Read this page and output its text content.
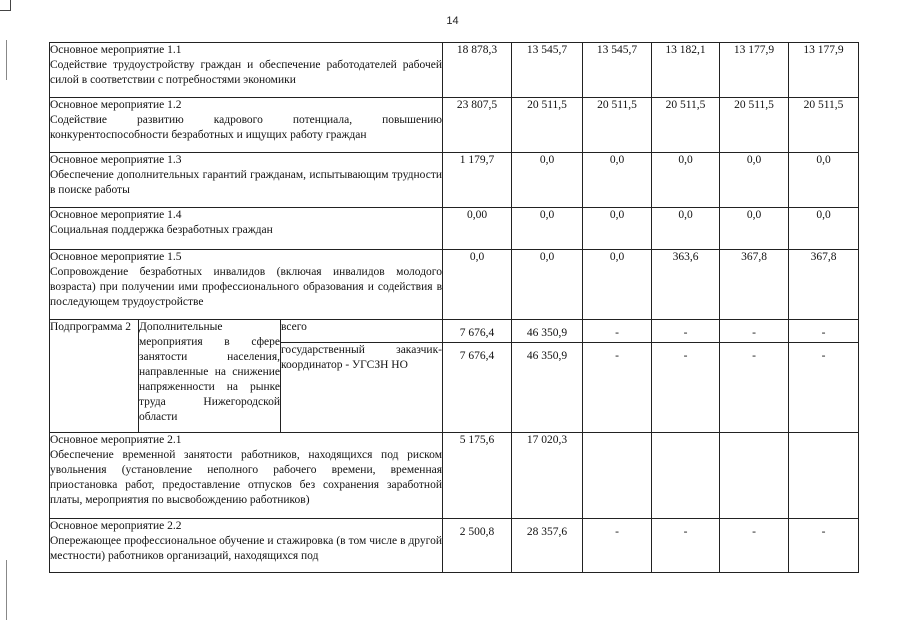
14
Основное мероприятие 1.1
Содействие трудоустройству граждан и обеспечение работодателей рабочей силой в соответствии с потребностями экономики			18 878,3	13 545,7	13 545,7	13 182,1	13 177,9	13 177,9

Основное мероприятие 1.2
Содействие развитию кадрового потенциала, повышению конкурентоспособности безработных и ищущих работу граждан			23 807,5	20 511,5	20 511,5	20 511,5	20 511,5	20 511,5

Основное мероприятие 1.3
Обеспечение дополнительных гарантий гражданам, испытывающим трудности в поиске работы			1 179,7	0,0	0,0	0,0	0,0	0,0

Основное мероприятие 1.4
Социальная поддержка безработных граждан			0,00	0,0	0,0	0,0	0,0	0,0

Основное мероприятие 1.5
Сопровождение безработных инвалидов (включая инвалидов молодого возраста) при получении ими профессионального образования и содействия в последующем трудоустройстве			0,0	0,0	0,0	363,6	367,8	367,8
Подпрограмма 2	Дополнительные мероприятия в сфере занятости населения, направленные на снижение напряженности на рынке труда Нижегородской области	всего	7 676,4	46 350,9	-	-	-	-
		государственный заказчик-координатор - УГСЗН НО	7 676,4	46 350,9	-	-	-	-

Основное мероприятие 2.1
Обеспечение временной занятости работников, находящихся под риском увольнения (установление неполного рабочего времени, временная приостановка работ, предоставление отпусков без сохранения заработной платы, мероприятия по высвобождению работников)			5 175,6	17 020,3				

Основное мероприятие 2.2
Опережающее профессиональное обучение и стажировка (в том числе в другой местности) работников организаций, находящихся под			2 500,8	28 357,6	-	-	-	-
